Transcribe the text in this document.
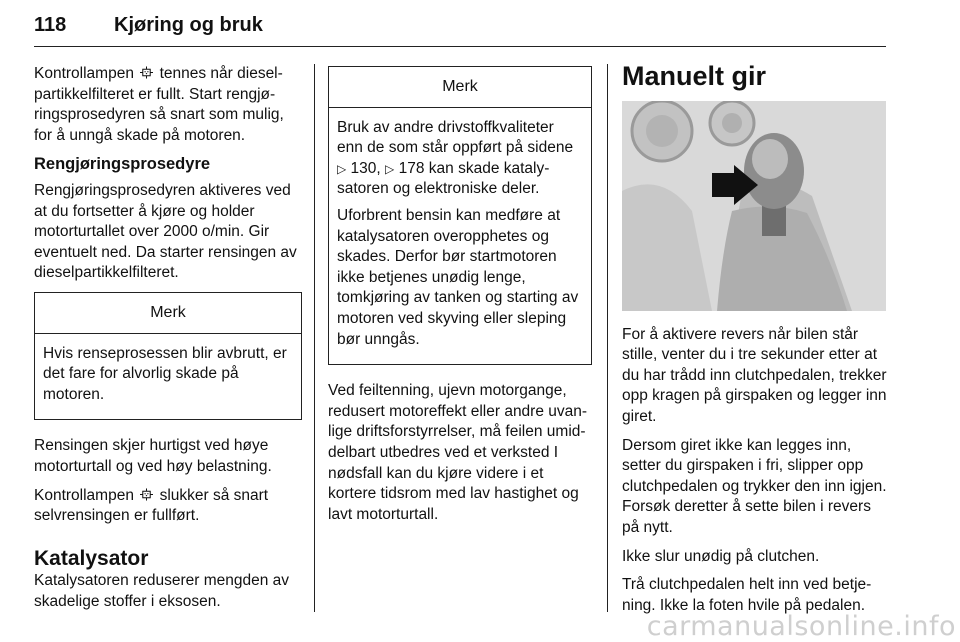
118 Kjøring og bruk

Kontrollampen tennes når dieselpartikkelfilteret er fullt. Start rengjøringsprosedyren så snart som mulig, for å unngå skade på motoren.

Rengjøringsprosedyre

Rengjøringsprosedyren aktiveres ved at du fortsetter å kjøre og holder motorturtallet over 2000 o/min. Gir eventuelt ned. Da starter rensingen av dieselpartikkelfilteret.

Merk

Hvis renseprosessen blir avbrutt, er det fare for alvorlig skade på motoren.

Rensingen skjer hurtigst ved høye motorturtall og ved høy belastning.

Kontrollampen slukker så snart selvrensingen er fullført.

Katalysator

Katalysatoren reduserer mengden av skadelige stoffer i eksosen.

Merk

Bruk av andre drivstoffkvaliteter enn de som står oppført på sidene ▷ 130, ▷ 178 kan skade katalysatoren og elektroniske deler.

Uforbrent bensin kan medføre at katalysatoren overopphetes og skades. Derfor bør startmotoren ikke betjenes unødig lenge, tomkjøring av tanken og starting av motoren ved skyving eller sleping bør unngås.

Ved feiltenning, ujevn motorgange, redusert motoreffekt eller andre uvanlige driftsforstyrrelser, må feilen umiddelbart utbedres ved et verksted I nødsfall kan du kjøre videre i et kortere tidsrom med lav hastighet og lavt motorturtall.

Manuelt gir

For å aktivere revers når bilen står stille, venter du i tre sekunder etter at du har trådd inn clutchpedalen, trekker opp kragen på girspaken og legger inn giret.

Dersom giret ikke kan legges inn, setter du girspaken i fri, slipper opp clutchpedalen og trykker den inn igjen. Forsøk deretter å sette bilen i revers på nytt.

Ikke slur unødig på clutchen.

Trå clutchpedalen helt inn ved betjening. Ikke la foten hvile på pedalen.

carmanualsonline.info
